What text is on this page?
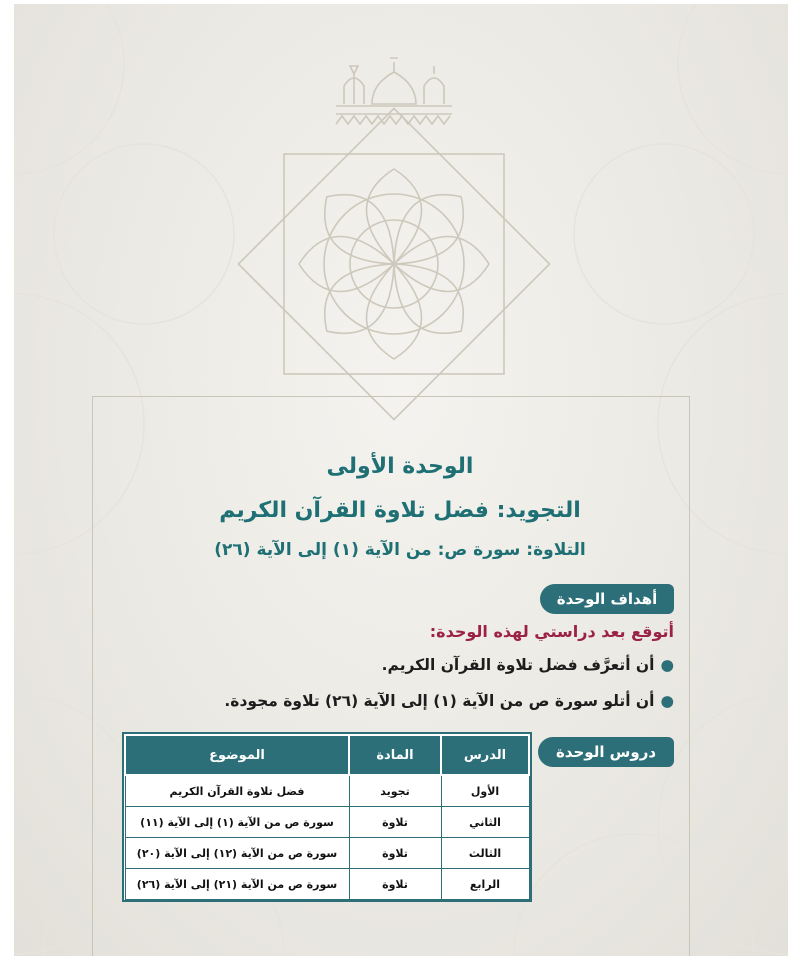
الوحدة الأولى
التجويد: فضل تلاوة القرآن الكريم
التلاوة: سورة ص: من الآية (١) إلى الآية (٢٦)
أهداف الوحدة
أتوقع بعد دراستي لهذه الوحدة:
●أن أتعرَّف فضل تلاوة القرآن الكريم.
●أن أتلو سورة ص من الآية (١) إلى الآية (٢٦) تلاوة مجودة.
دروس الوحدة
الدرس	المادة	الموضوع
الأول	تجويد	فضل تلاوة القرآن الكريم
الثاني	تلاوة	سورة ص من الآية (١) إلى الآية (١١)
الثالث	تلاوة	سورة ص من الآية (١٢) إلى الآية (٢٠)
الرابع	تلاوة	سورة ص من الآية (٢١) إلى الآية (٢٦)
